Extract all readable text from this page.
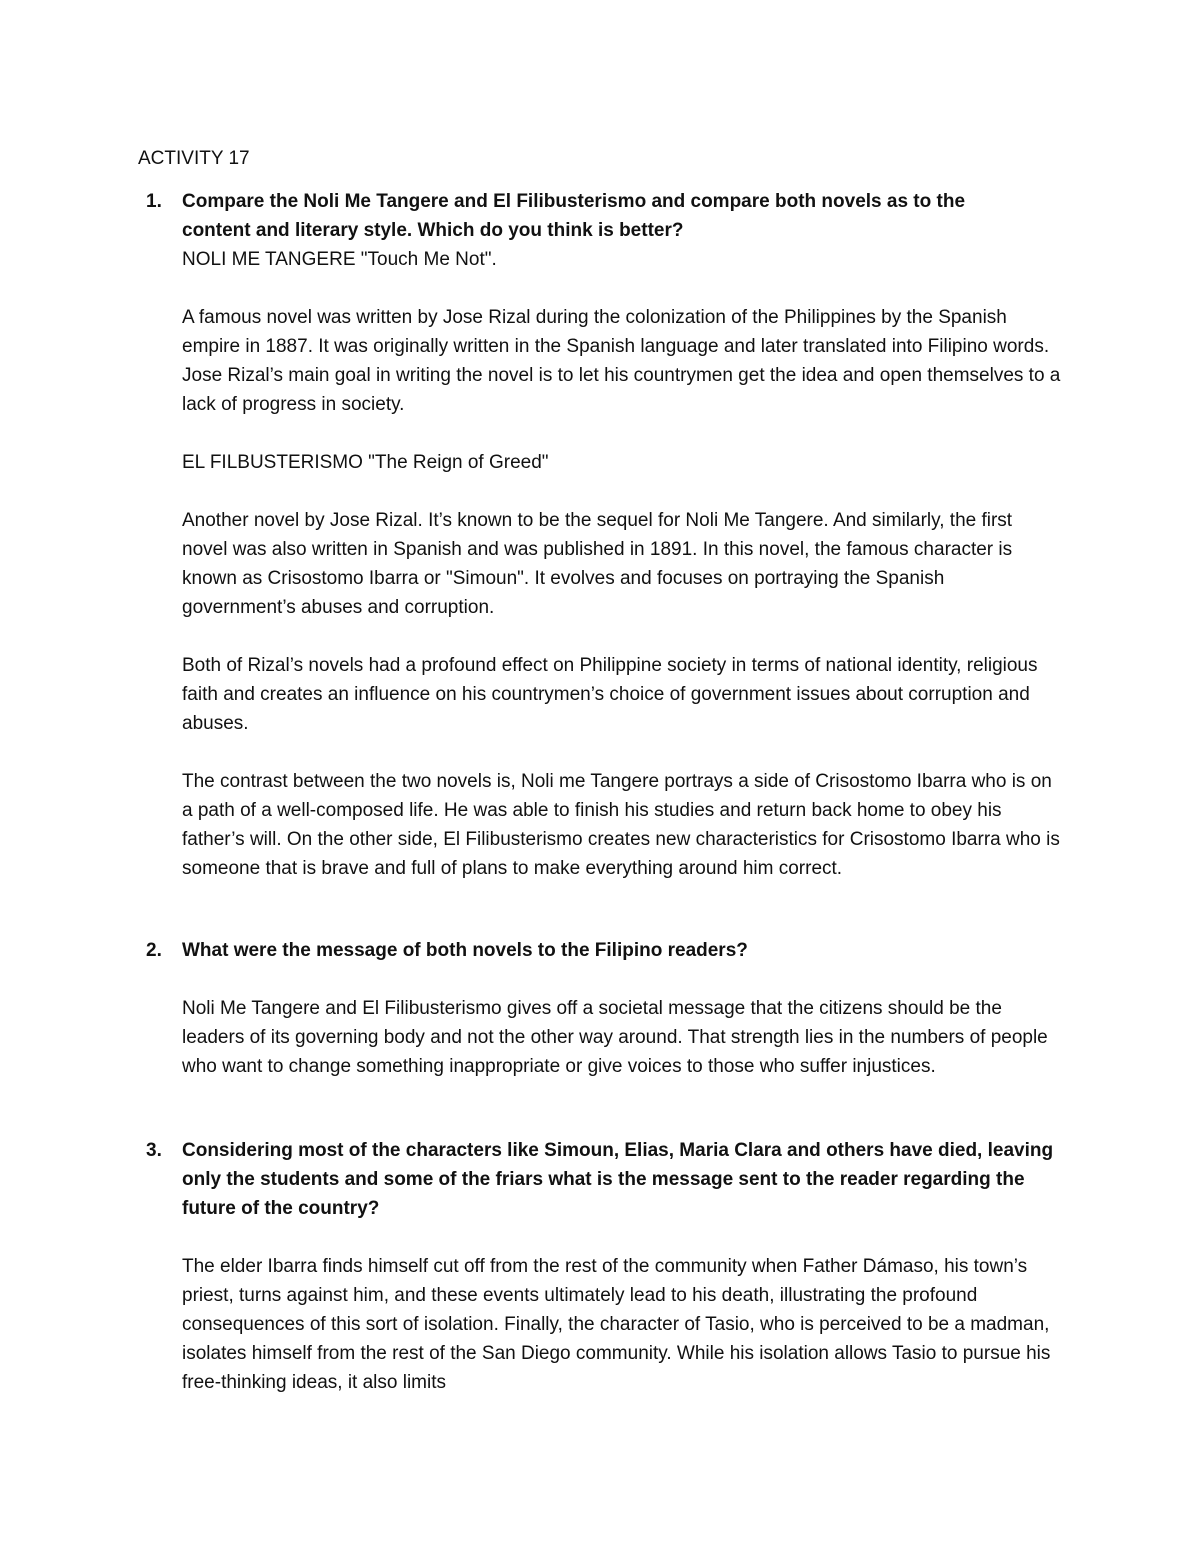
ACTIVITY 17
1. Compare the Noli Me Tangere and El Filibusterismo and compare both novels as to the content and literary style. Which do you think is better?

NOLI ME TANGERE "Touch Me Not".

A famous novel was written by Jose Rizal during the colonization of the Philippines by the Spanish empire in 1887. It was originally written in the Spanish language and later translated into Filipino words. Jose Rizal’s main goal in writing the novel is to let his countrymen get the idea and open themselves to a lack of progress in society.

EL FILBUSTERISMO "The Reign of Greed"

Another novel by Jose Rizal. It’s known to be the sequel for Noli Me Tangere. And similarly, the first novel was also written in Spanish and was published in 1891. In this novel, the famous character is known as Crisostomo Ibarra or "Simoun". It evolves and focuses on portraying the Spanish government’s abuses and corruption.

Both of Rizal’s novels had a profound effect on Philippine society in terms of national identity, religious faith and creates an influence on his countrymen’s choice of government issues about corruption and abuses.

The contrast between the two novels is, Noli me Tangere portrays a side of Crisostomo Ibarra who is on a path of a well-composed life. He was able to finish his studies and return back home to obey his father’s will. On the other side, El Filibusterismo creates new characteristics for Crisostomo Ibarra who is someone that is brave and full of plans to make everything around him correct.

2. What were the message of both novels to the Filipino readers?

Noli Me Tangere and El Filibusterismo gives off a societal message that the citizens should be the leaders of its governing body and not the other way around. That strength lies in the numbers of people who want to change something inappropriate or give voices to those who suffer injustices.

3. Considering most of the characters like Simoun, Elias, Maria Clara and others have died, leaving only the students and some of the friars what is the message sent to the reader regarding the future of the country?

The elder Ibarra finds himself cut off from the rest of the community when Father Dámaso, his town’s priest, turns against him, and these events ultimately lead to his death, illustrating the profound consequences of this sort of isolation. Finally, the character of Tasio, who is perceived to be a madman, isolates himself from the rest of the San Diego community. While his isolation allows Tasio to pursue his free-thinking ideas, it also limits
